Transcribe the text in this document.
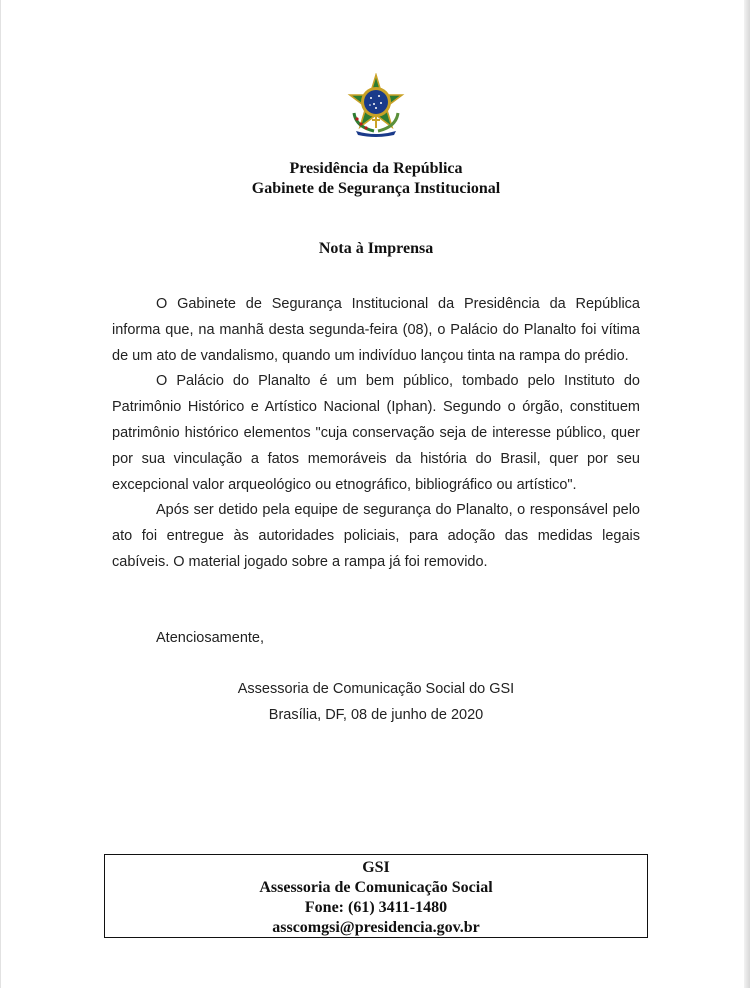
Presidência da República
Gabinete de Segurança Institucional
Nota à Imprensa

O Gabinete de Segurança Institucional da Presidência da República informa que, na manhã desta segunda-feira (08), o Palácio do Planalto foi vítima de um ato de vandalismo, quando um indivíduo lançou tinta na rampa do prédio.

O Palácio do Planalto é um bem público, tombado pelo Instituto do Patrimônio Histórico e Artístico Nacional (Iphan). Segundo o órgão, constituem patrimônio histórico elementos "cuja conservação seja de interesse público, quer por sua vinculação a fatos memoráveis da história do Brasil, quer por seu excepcional valor arqueológico ou etnográfico, bibliográfico ou artístico".

Após ser detido pela equipe de segurança do Planalto, o responsável pelo ato foi entregue às autoridades policiais, para adoção das medidas legais cabíveis. O material jogado sobre a rampa já foi removido.

Atenciosamente,
Assessoria de Comunicação Social do GSI
Brasília, DF, 08 de junho de 2020
GSI
Assessoria de Comunicação Social
Fone: (61) 3411-1480
asscomgsi@presidencia.gov.br
